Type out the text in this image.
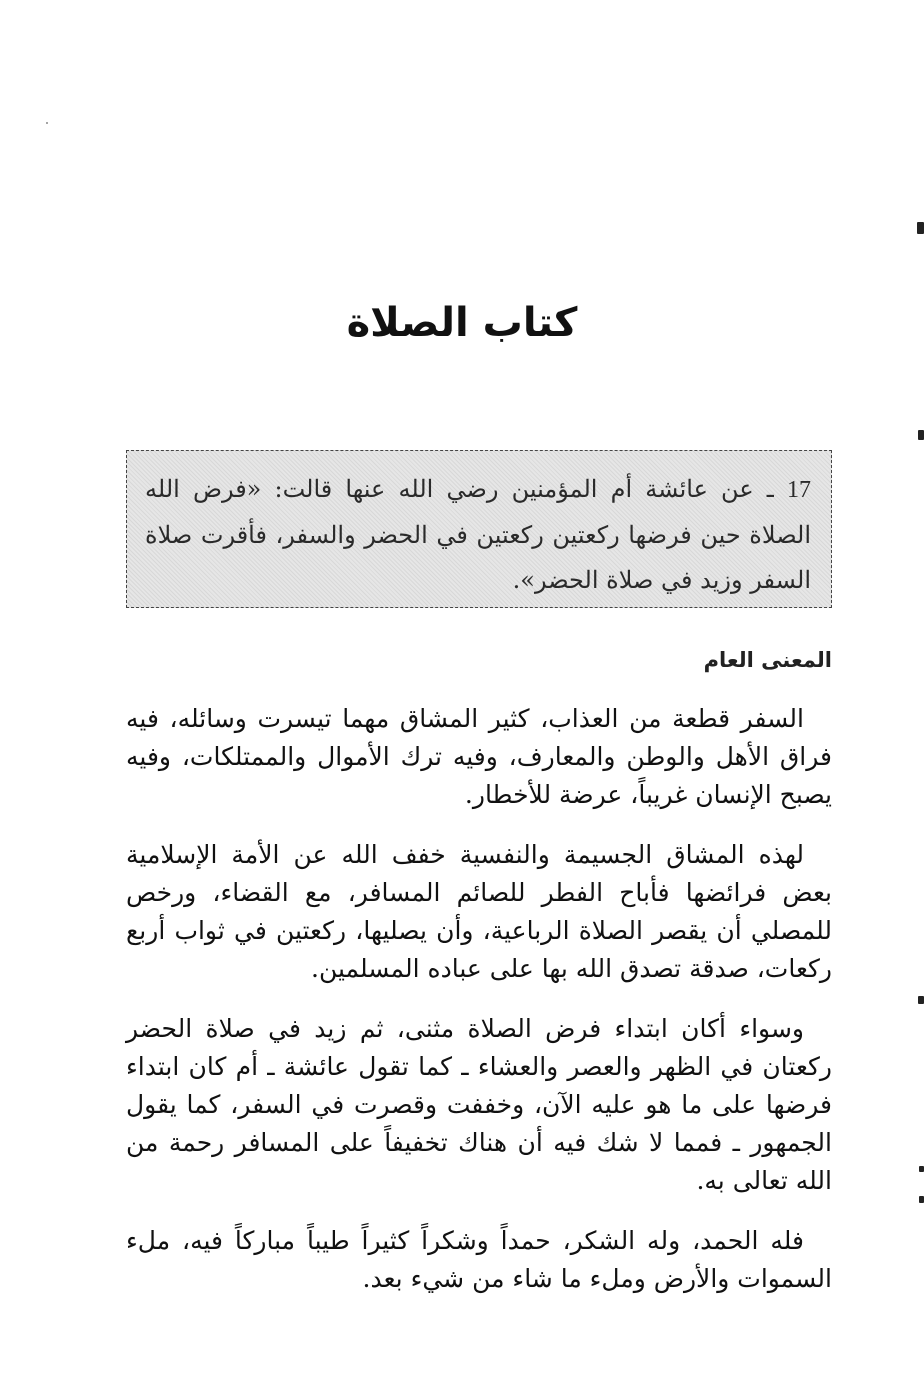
كتاب الصلاة
17 ـ عن عائشة أم المؤمنين رضي الله عنها قالت: «فرض الله الصلاة حين فرضها ركعتين ركعتين في الحضر والسفر، فأقرت صلاة السفر وزيد في صلاة الحضر».
المعنى العام

السفر قطعة من العذاب، كثير المشاق مهما تيسرت وسائله، فيه فراق الأهل والوطن والمعارف، وفيه ترك الأموال والممتلكات، وفيه يصبح الإنسان غريباً، عرضة للأخطار.

لهذه المشاق الجسيمة والنفسية خفف الله عن الأمة الإسلامية بعض فرائضها فأباح الفطر للصائم المسافر، مع القضاء، ورخص للمصلي أن يقصر الصلاة الرباعية، وأن يصليها، ركعتين في ثواب أربع ركعات، صدقة تصدق الله بها على عباده المسلمين.

وسواء أكان ابتداء فرض الصلاة مثنى، ثم زيد في صلاة الحضر ركعتان في الظهر والعصر والعشاء ـ كما تقول عائشة ـ أم كان ابتداء فرضها على ما هو عليه الآن، وخففت وقصرت في السفر، كما يقول الجمهور ـ فمما لا شك فيه أن هناك تخفيفاً على المسافر رحمة من الله تعالى به.

فله الحمد، وله الشكر، حمداً وشكراً كثيراً طيباً مباركاً فيه، ملء السموات والأرض وملء ما شاء من شيء بعد.
